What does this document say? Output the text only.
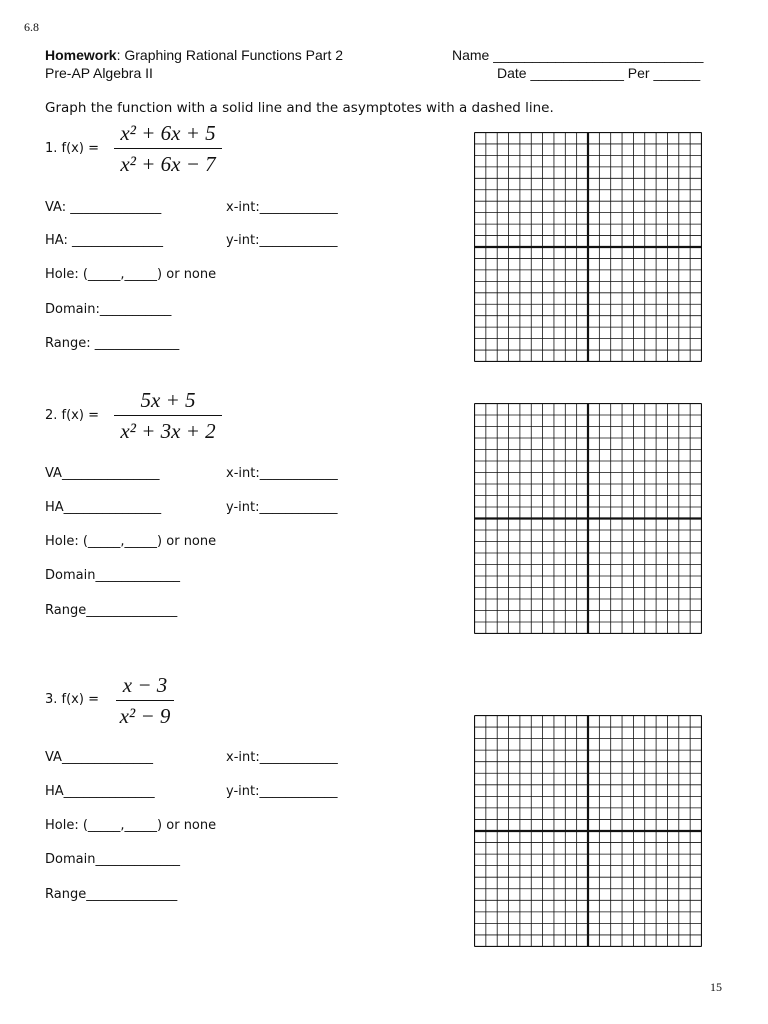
6.8
15
Homework: Graphing Rational Functions Part 2
Pre-AP Algebra II
Name ___________________________
Date ____________ Per ______
Graph the function with a solid line and the asymptotes with a dashed line.
1. f(x) =
x² + 6x + 5
x² + 6x − 7
VA: ______________	x-int:____________
HA: ______________	y-int:____________
Hole: (_____,_____) or none
Domain:___________
Range: _____________
2. f(x) =
5x + 5
x² + 3x + 2
VA_______________	x-int:____________
HA_______________	y-int:____________
Hole: (_____,_____) or none
Domain_____________
Range______________
3. f(x) =
x − 3
x² − 9
VA______________	x-int:____________
HA______________	y-int:____________
Hole: (_____,_____) or none
Domain_____________
Range______________
